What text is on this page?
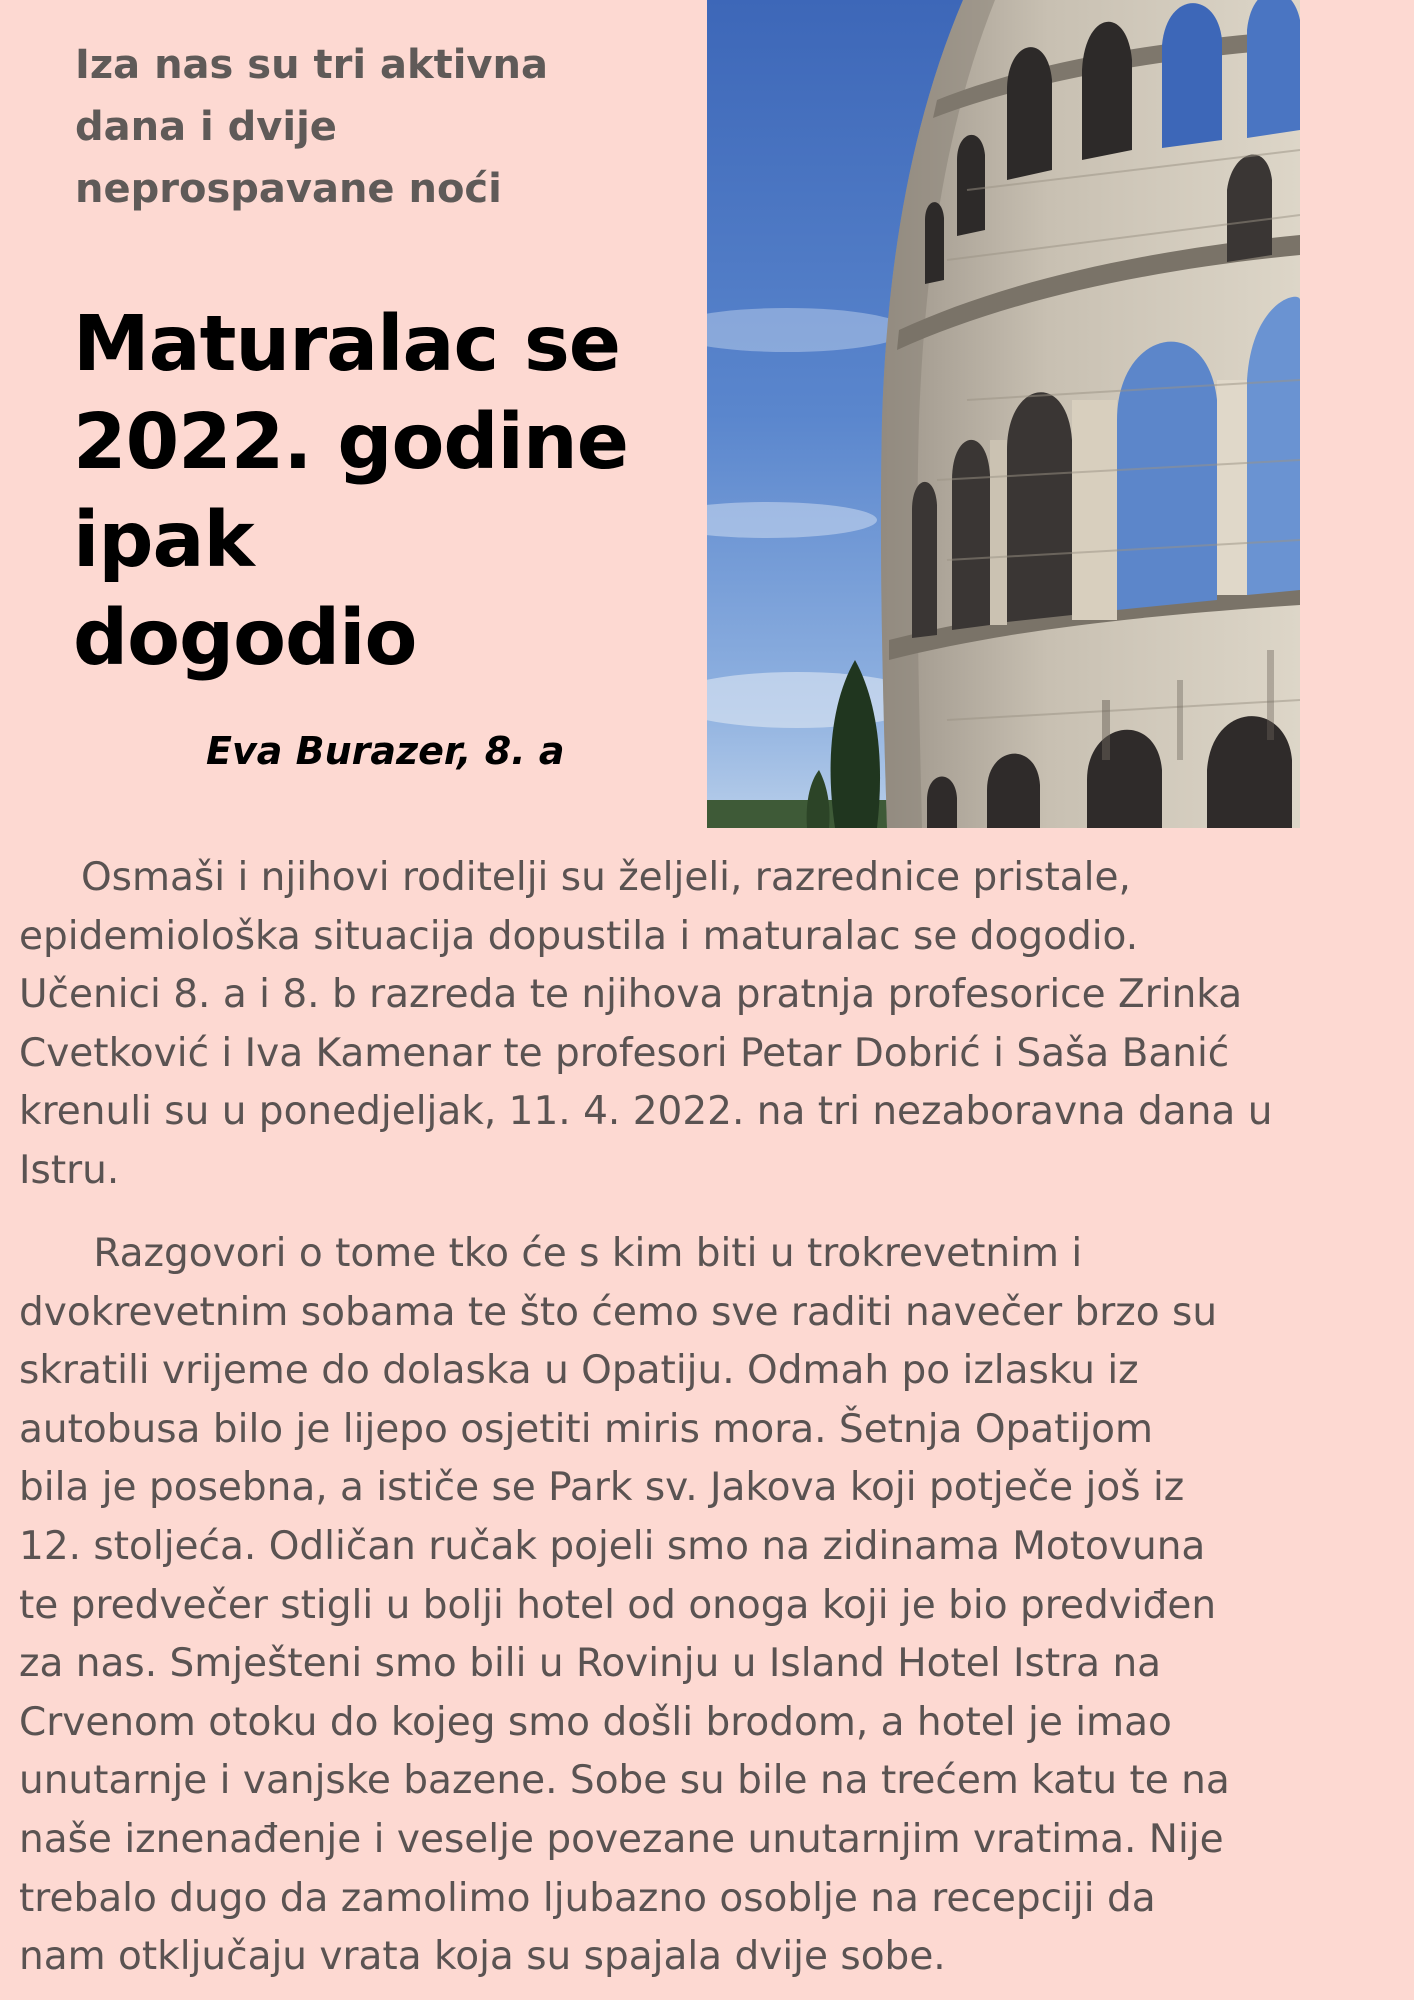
Iza nas su tri aktivna
dana i dvije
neprospavane noći
Maturalac se
2022. godine
ipak
dogodio

Eva Burazer, 8. a

Osmaši i njihovi roditelji su željeli, razrednice pristale,
epidemiološka situacija dopustila i maturalac se dogodio.
Učenici 8. a i 8. b razreda te njihova pratnja profesorice Zrinka
Cvetković i Iva Kamenar te profesori Petar Dobrić i Saša Banić
krenuli su u ponedjeljak, 11. 4. 2022. na tri nezaboravna dana u
Istru.

Razgovori o tome tko će s kim biti u trokrevetnim i
dvokrevetnim sobama te što ćemo sve raditi navečer brzo su
skratili vrijeme do dolaska u Opatiju. Odmah po izlasku iz
autobusa bilo je lijepo osjetiti miris mora. Šetnja Opatijom
bila je posebna, a ističe se Park sv. Jakova koji potječe još iz
12. stoljeća. Odličan ručak pojeli smo na zidinama Motovuna
te predvečer stigli u bolji hotel od onoga koji je bio predviđen
za nas. Smješteni smo bili u Rovinju u Island Hotel Istra na
Crvenom otoku do kojeg smo došli brodom, a hotel je imao
unutarnje i vanjske bazene. Sobe su bile na trećem katu te na
naše iznenađenje i veselje povezane unutarnjim vratima. Nije
trebalo dugo da zamolimo ljubazno osoblje na recepciji da
nam otključaju vrata koja su spajala dvije sobe.
